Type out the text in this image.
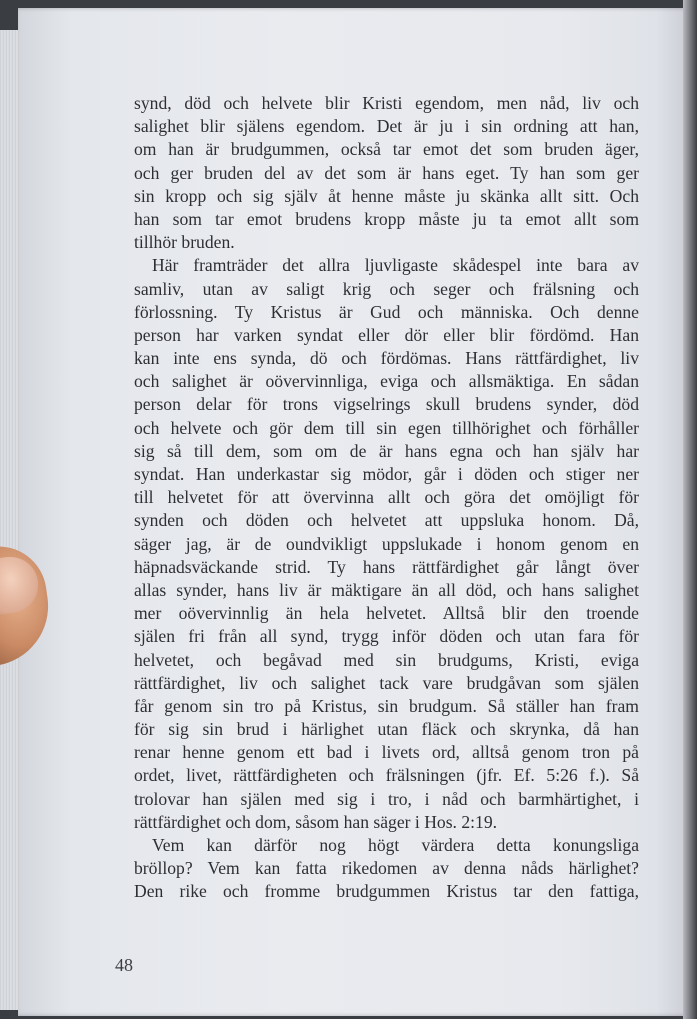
synd, död och helvete blir Kristi egendom, men nåd, liv och
salighet blir själens egendom. Det är ju i sin ordning att han,
om han är brudgummen, också tar emot det som bruden äger,
och ger bruden del av det som är hans eget. Ty han som ger
sin kropp och sig själv åt henne måste ju skänka allt sitt. Och
han som tar emot brudens kropp måste ju ta emot allt som
tillhör bruden.
Här framträder det allra ljuvligaste skådespel inte bara av
samliv, utan av saligt krig och seger och frälsning och
förlossning. Ty Kristus är Gud och människa. Och denne
person har varken syndat eller dör eller blir fördömd. Han
kan inte ens synda, dö och fördömas. Hans rättfärdighet, liv
och salighet är oövervinnliga, eviga och allsmäktiga. En sådan
person delar för trons vigselrings skull brudens synder, död
och helvete och gör dem till sin egen tillhörighet och förhåller
sig så till dem, som om de är hans egna och han själv har
syndat. Han underkastar sig mödor, går i döden och stiger ner
till helvetet för att övervinna allt och göra det omöjligt för
synden och döden och helvetet att uppsluka honom. Då,
säger jag, är de oundvikligt uppslukade i honom genom en
häpnadsväckande strid. Ty hans rättfärdighet går långt över
allas synder, hans liv är mäktigare än all död, och hans salighet
mer oövervinnlig än hela helvetet. Alltså blir den troende
själen fri från all synd, trygg inför döden och utan fara för
helvetet, och begåvad med sin brudgums, Kristi, eviga
rättfärdighet, liv och salighet tack vare brudgåvan som själen
får genom sin tro på Kristus, sin brudgum. Så ställer han fram
för sig sin brud i härlighet utan fläck och skrynka, då han
renar henne genom ett bad i livets ord, alltså genom tron på
ordet, livet, rättfärdigheten och frälsningen (jfr. Ef. 5:26 f.). Så
trolovar han själen med sig i tro, i nåd och barmhärtighet, i
rättfärdighet och dom, såsom han säger i Hos. 2:19.
Vem kan därför nog högt värdera detta konungsliga
bröllop? Vem kan fatta rikedomen av denna nåds härlighet?
Den rike och fromme brudgummen Kristus tar den fattiga,
48
